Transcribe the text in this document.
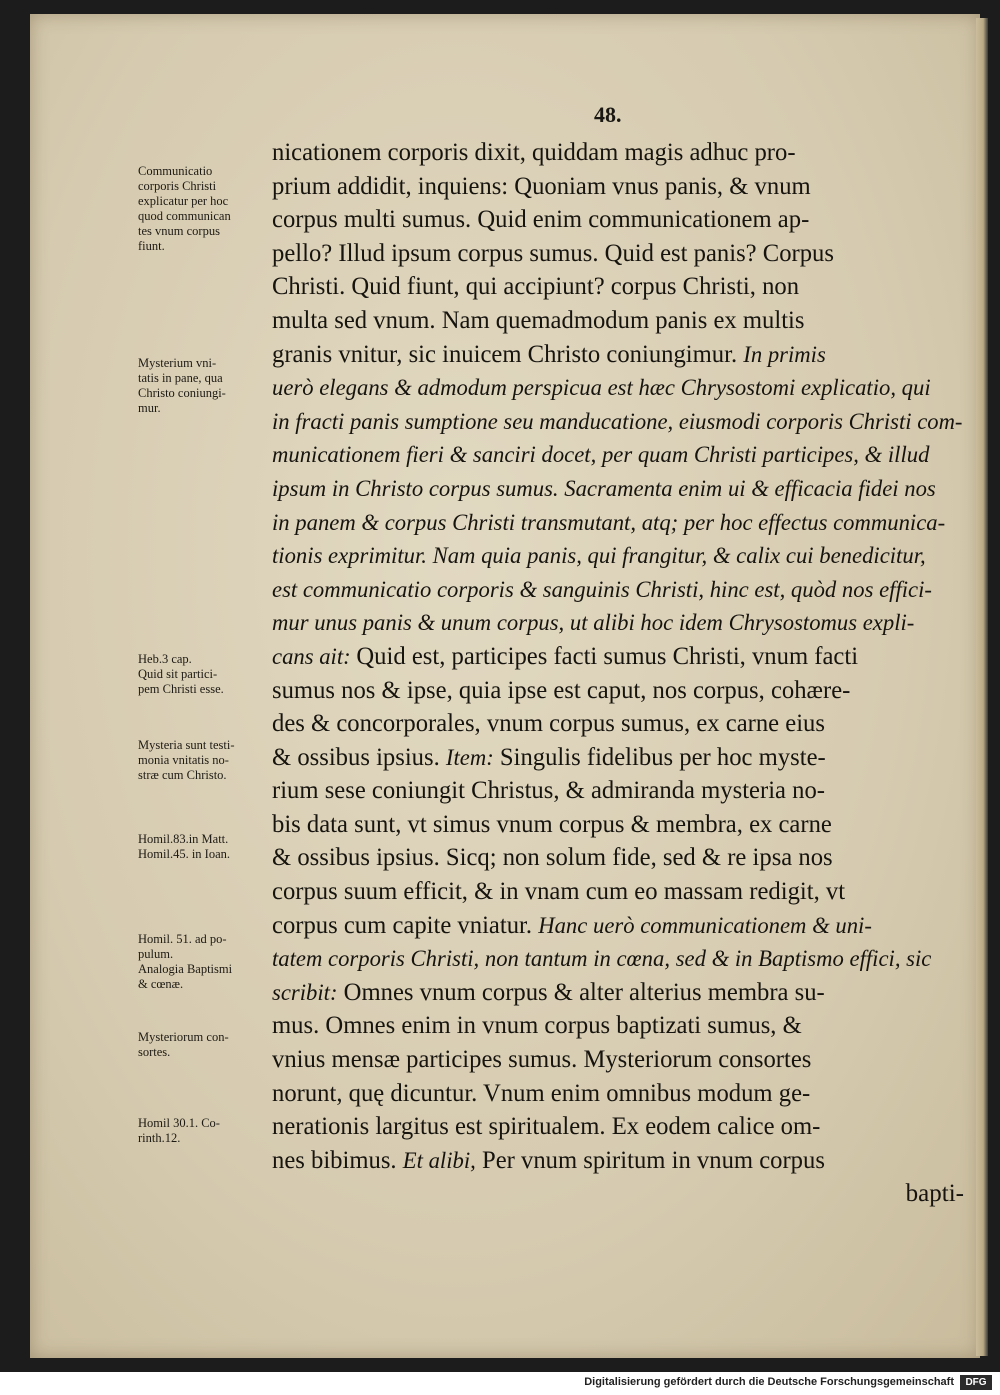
48.
Communicatio
corporis Christi
explicatur per hoc
quod communican
tes vnum corpus
fiunt.
Mysterium vni-
tatis in pane, qua
Christo coniungi-
mur.
Heb.3 cap.
Quid sit partici-
pem Christi esse.
Mysteria sunt testi-
monia vnitatis no-
stræ cum Christo.
Homil.83.in Matt.
Homil.45. in Ioan.
Homil. 51. ad po-
pulum.
Analogia Baptismi
& cœnæ.
Mysteriorum con-
sortes.
Homil 30.1. Co-
rinth.12.
nicationem corporis dixit, quiddam magis adhuc pro-
prium addidit, inquiens: Quoniam vnus panis, & vnum
corpus multi sumus. Quid enim communicationem ap-
pello? Illud ipsum corpus sumus. Quid est panis? Corpus
Christi. Quid fiunt, qui accipiunt? corpus Christi, non
multa sed vnum. Nam quemadmodum panis ex multis
granis vnitur, sic inuicem Christo coniungimur. In primis
uerò elegans & admodum perspicua est hæc Chrysostomi explicatio, qui
in fracti panis sumptione seu manducatione, eiusmodi corporis Christi com-
municationem fieri & sanciri docet, per quam Christi participes, & illud
ipsum in Christo corpus sumus. Sacramenta enim ui & efficacia fidei nos
in panem & corpus Christi transmutant, atq; per hoc effectus communica-
tionis exprimitur. Nam quia panis, qui frangitur, & calix cui benedicitur,
est communicatio corporis & sanguinis Christi, hinc est, quòd nos effici-
mur unus panis & unum corpus, ut alibi hoc idem Chrysostomus expli-
cans ait: Quid est, participes facti sumus Christi, vnum facti
sumus nos & ipse, quia ipse est caput, nos corpus, cohære-
des & concorporales, vnum corpus sumus, ex carne eius
& ossibus ipsius. Item: Singulis fidelibus per hoc myste-
rium sese coniungit Christus, & admiranda mysteria no-
bis data sunt, vt simus vnum corpus & membra, ex carne
& ossibus ipsius. Sicq; non solum fide, sed & re ipsa nos
corpus suum efficit, & in vnam cum eo massam redigit, vt
corpus cum capite vniatur. Hanc uerò communicationem & uni-
tatem corporis Christi, non tantum in cœna, sed & in Baptismo effici, sic
scribit: Omnes vnum corpus & alter alterius membra su-
mus. Omnes enim in vnum corpus baptizati sumus, &
vnius mensæ participes sumus. Mysteriorum consortes
norunt, quę dicuntur. Vnum enim omnibus modum ge-
nerationis largitus est spiritualem. Ex eodem calice om-
nes bibimus. Et alibi, Per vnum spiritum in vnum corpus
bapti-
Digitalisierung gefördert durch die Deutsche Forschungsgemeinschaft	DFG
